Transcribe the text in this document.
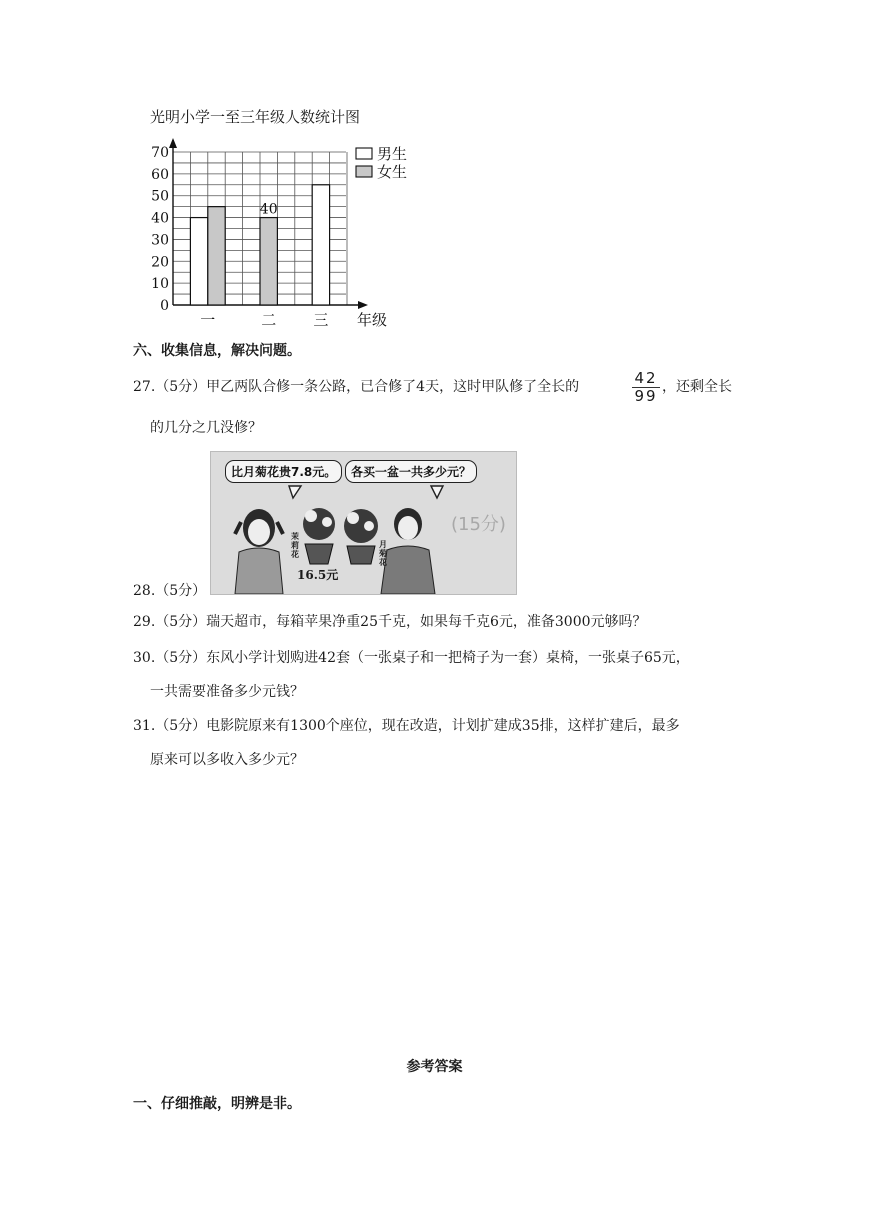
光明小学一至三年级人数统计图
0
10
20
30
40
50
60
70
一	二 三
40
年级
男生
女生
六、收集信息，解决问题。
27.（5分）甲乙两队合修一条公路，已合修了4天，这时甲队修了全长的	$\frac{42}{99}$ ，还剩全长
的几分之几没修？
比月菊花贵7.8元。	各买一盆一共多少元？
(15分)
茉莉花
16.5元
月菊花
28.（5分）
29.（5分）瑞天超市，每箱苹果净重25千克，如果每千克6元，准备3000元够吗？
30.（5分）东风小学计划购进42套（一张桌子和一把椅子为一套）桌椅，一张桌子65元，
一共需要准备多少元钱？
31.（5分）电影院原来有1300个座位，现在改造，计划扩建成35排，这样扩建后，最多
原来可以多收入多少元？
参考答案
一、仔细推敲，明辨是非。
